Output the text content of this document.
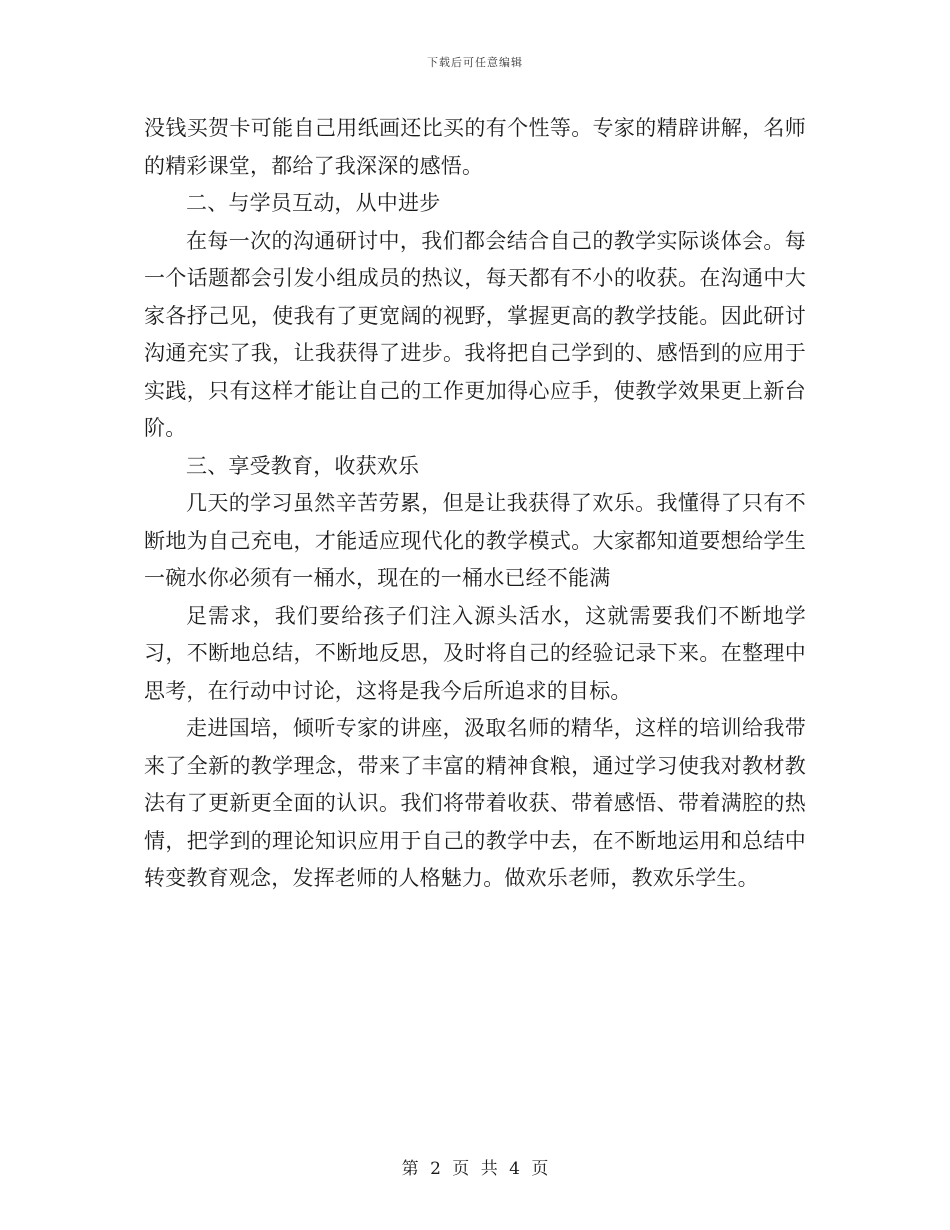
下载后可任意编辑

没钱买贺卡可能自己用纸画还比买的有个性等。专家的精辟讲解，名师的精彩课堂，都给了我深深的感悟。

二、与学员互动，从中进步

在每一次的沟通研讨中，我们都会结合自己的教学实际谈体会。每一个话题都会引发小组成员的热议，每天都有不小的收获。在沟通中大家各抒己见，使我有了更宽阔的视野，掌握更高的教学技能。因此研讨沟通充实了我，让我获得了进步。我将把自己学到的、感悟到的应用于实践，只有这样才能让自己的工作更加得心应手，使教学效果更上新台阶。

三、享受教育，收获欢乐

几天的学习虽然辛苦劳累，但是让我获得了欢乐。我懂得了只有不断地为自己充电，才能适应现代化的教学模式。大家都知道要想给学生一碗水你必须有一桶水，现在的一桶水已经不能满

足需求，我们要给孩子们注入源头活水，这就需要我们不断地学习，不断地总结，不断地反思，及时将自己的经验记录下来。在整理中思考，在行动中讨论，这将是我今后所追求的目标。

走进国培，倾听专家的讲座，汲取名师的精华，这样的培训给我带来了全新的教学理念，带来了丰富的精神食粮，通过学习使我对教材教法有了更新更全面的认识。我们将带着收获、带着感悟、带着满腔的热情，把学到的理论知识应用于自己的教学中去，在不断地运用和总结中转变教育观念，发挥老师的人格魅力。做欢乐老师，教欢乐学生。

第 2 页 共 4 页
